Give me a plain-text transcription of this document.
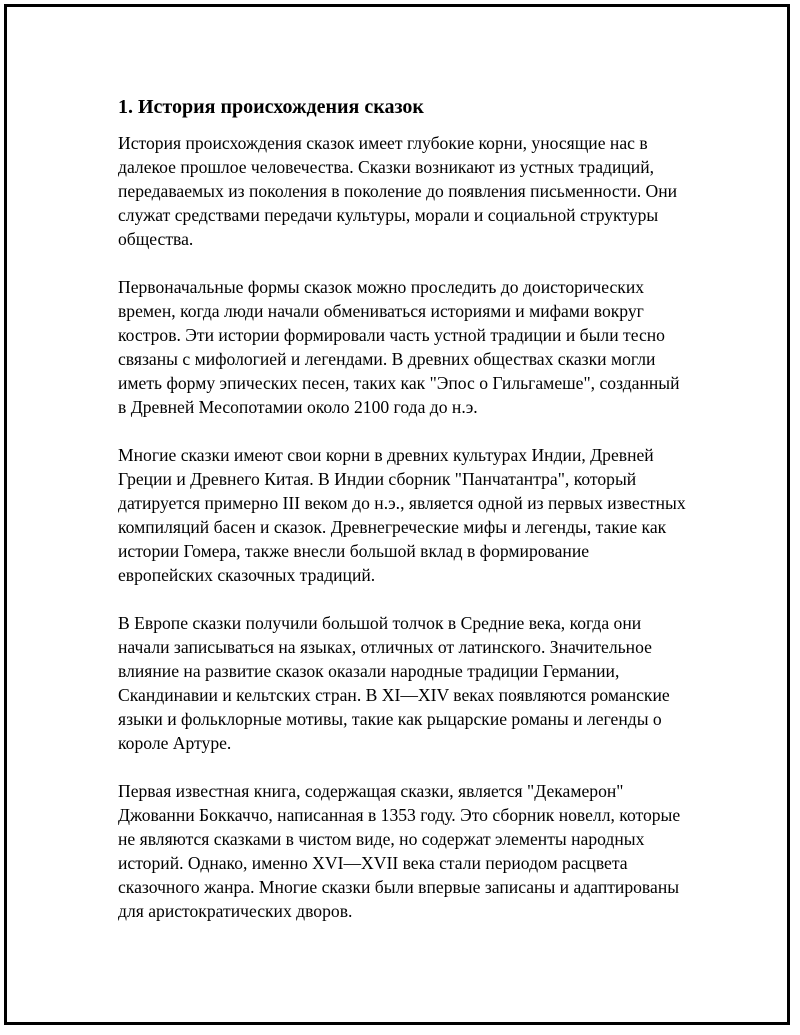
1. История происхождения сказок

История происхождения сказок имеет глубокие корни, уносящие нас в далекое прошлое человечества. Сказки возникают из устных традиций, передаваемых из поколения в поколение до появления письменности. Они служат средствами передачи культуры, морали и социальной структуры общества.

Первоначальные формы сказок можно проследить до доисторических времен, когда люди начали обмениваться историями и мифами вокруг костров. Эти истории формировали часть устной традиции и были тесно связаны с мифологией и легендами. В древних обществах сказки могли иметь форму эпических песен, таких как "Эпос о Гильгамеше", созданный в Древней Месопотамии около 2100 года до н.э.

Многие сказки имеют свои корни в древних культурах Индии, Древней Греции и Древнего Китая. В Индии сборник "Панчатантра", который датируется примерно III веком до н.э., является одной из первых известных компиляций басен и сказок. Древнегреческие мифы и легенды, такие как истории Гомера, также внесли большой вклад в формирование европейских сказочных традиций.

В Европе сказки получили большой толчок в Средние века, когда они начали записываться на языках, отличных от латинского. Значительное влияние на развитие сказок оказали народные традиции Германии, Скандинавии и кельтских стран. В XI—XIV веках появляются романские языки и фольклорные мотивы, такие как рыцарские романы и легенды о короле Артуре.

Первая известная книга, содержащая сказки, является "Декамерон" Джованни Боккаччо, написанная в 1353 году. Это сборник новелл, которые не являются сказками в чистом виде, но содержат элементы народных историй. Однако, именно XVI—XVII века стали периодом расцвета сказочного жанра. Многие сказки были впервые записаны и адаптированы для аристократических дворов.
